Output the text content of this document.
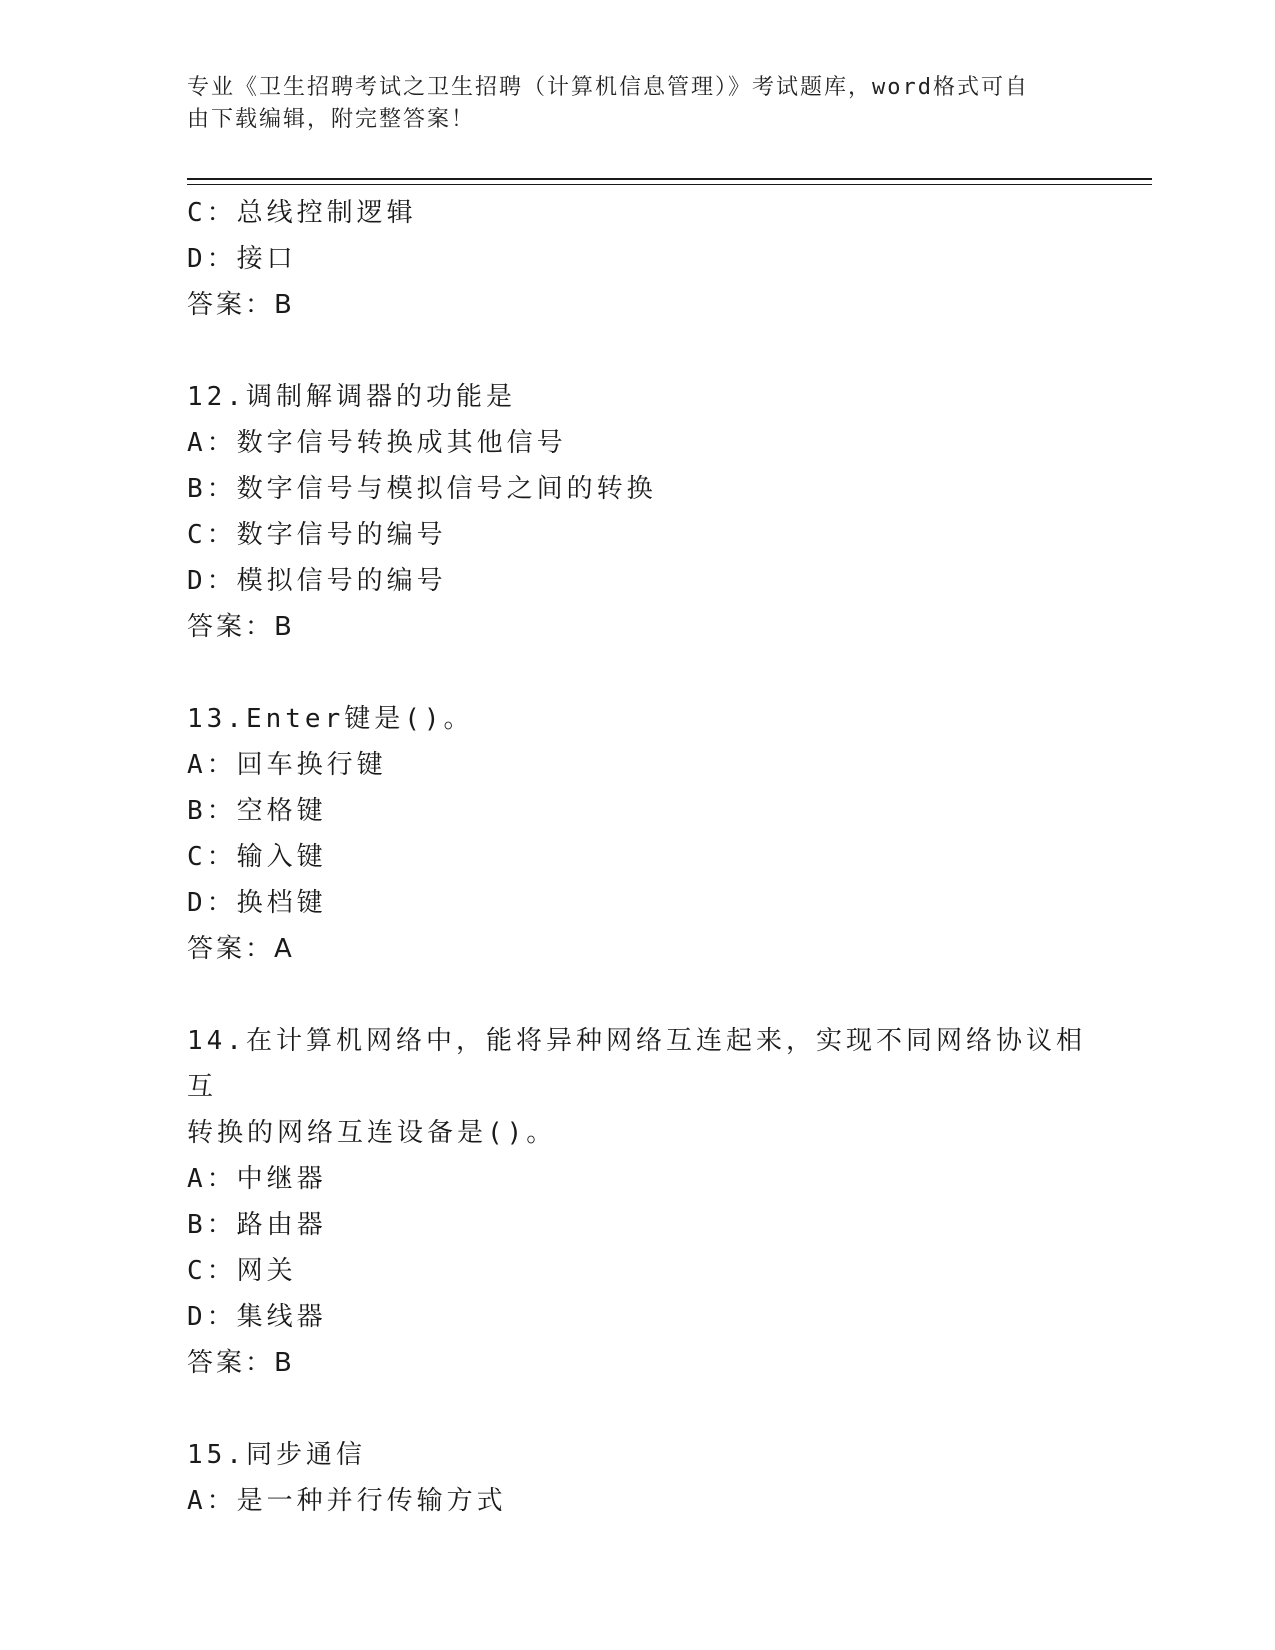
专业《卫生招聘考试之卫生招聘（计算机信息管理）》考试题库，word格式可自
由下载编辑，附完整答案！
C：总线控制逻辑
D：接口
答案：B
12.调制解调器的功能是
A：数字信号转换成其他信号
B：数字信号与模拟信号之间的转换
C：数字信号的编号
D：模拟信号的编号
答案：B
13.Enter键是()。
A：回车换行键
B：空格键
C：输入键
D：换档键
答案：A
14.在计算机网络中，能将异种网络互连起来，实现不同网络协议相互
转换的网络互连设备是()。
A：中继器
B：路由器
C：网关
D：集线器
答案：B
15.同步通信
A：是一种并行传输方式
